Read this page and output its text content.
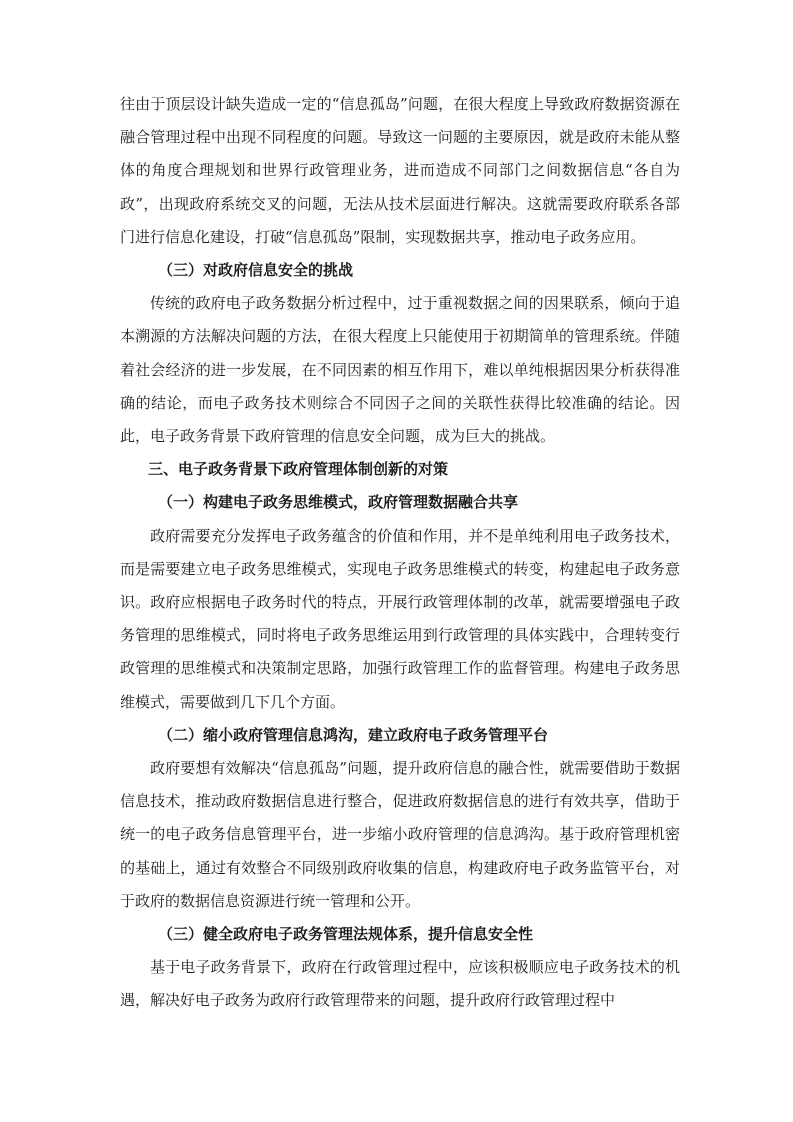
往由于顶层设计缺失造成一定的“信息孤岛”问题，在很大程度上导致政府数据资源在融合管理过程中出现不同程度的问题。导致这一问题的主要原因，就是政府未能从整体的角度合理规划和世界行政管理业务，进而造成不同部门之间数据信息“各自为政”，出现政府系统交叉的问题，无法从技术层面进行解决。这就需要政府联系各部门进行信息化建设，打破“信息孤岛”限制，实现数据共享，推动电子政务应用。

（三）对政府信息安全的挑战

传统的政府电子政务数据分析过程中，过于重视数据之间的因果联系，倾向于追本溯源的方法解决问题的方法，在很大程度上只能使用于初期简单的管理系统。伴随着社会经济的进一步发展，在不同因素的相互作用下，难以单纯根据因果分析获得准确的结论，而电子政务技术则综合不同因子之间的关联性获得比较准确的结论。因此，电子政务背景下政府管理的信息安全问题，成为巨大的挑战。

三、电子政务背景下政府管理体制创新的对策

（一）构建电子政务思维模式，政府管理数据融合共享

政府需要充分发挥电子政务蕴含的价值和作用，并不是单纯利用电子政务技术，而是需要建立电子政务思维模式，实现电子政务思维模式的转变，构建起电子政务意识。政府应根据电子政务时代的特点，开展行政管理体制的改革，就需要增强电子政务管理的思维模式，同时将电子政务思维运用到行政管理的具体实践中，合理转变行政管理的思维模式和决策制定思路，加强行政管理工作的监督管理。构建电子政务思维模式，需要做到几下几个方面。

（二）缩小政府管理信息鸿沟，建立政府电子政务管理平台

政府要想有效解决“信息孤岛”问题，提升政府信息的融合性，就需要借助于数据信息技术，推动政府数据信息进行整合，促进政府数据信息的进行有效共享，借助于统一的电子政务信息管理平台，进一步缩小政府管理的信息鸿沟。基于政府管理机密的基础上，通过有效整合不同级别政府收集的信息，构建政府电子政务监管平台，对于政府的数据信息资源进行统一管理和公开。

（三）健全政府电子政务管理法规体系，提升信息安全性

基于电子政务背景下，政府在行政管理过程中，应该积极顺应电子政务技术的机遇，解决好电子政务为政府行政管理带来的问题，提升政府行政管理过程中
